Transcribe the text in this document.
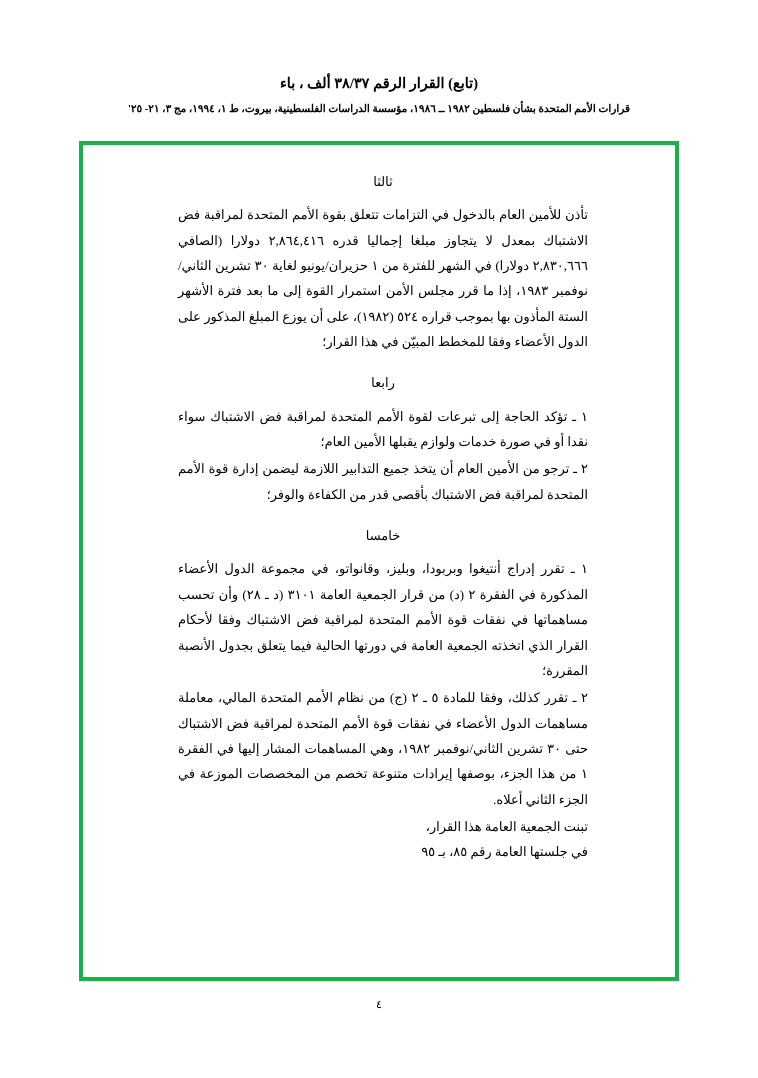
(تابع) القرار الرقم ٣٨/٣٧ ألف ، باء
قرارات الأمم المتحدة بشأن فلسطين ١٩٨٢ ــ ١٩٨٦، مؤسسة الدراسات الفلسطينية، بيروت، ط ١، ١٩٩٤، مج ٣، ٢١- ٢٥'
ثالثا

تأذن للأمين العام بالدخول في التزامات تتعلق بقوة الأمم المتحدة لمراقبة فض الاشتباك بمعدل لا يتجاوز مبلغا إجماليا قدره ٢,٨٦٤,٤١٦ دولارا (الصافي ٢,٨٣٠,٦٦٦ دولارا) في الشهر للفترة من ١ حزيران/يونيو لغاية ٣٠ تشرين الثاني/نوفمبر ١٩٨٣، إذا ما قرر مجلس الأمن استمرار القوة إلى ما بعد فترة الأشهر الستة المأذون بها بموجب قراره ٥٢٤ (١٩٨٢)، على أن يوزع المبلغ المذكور على الدول الأعضاء وفقا للمخطط المبيّن في هذا القرار؛

رابعا

١ ـ تؤكد الحاجة إلى تبرعات لقوة الأمم المتحدة لمراقبة فض الاشتباك سواء نقدا أو في صورة خدمات ولوازم يقبلها الأمين العام؛

٢ ـ ترجو من الأمين العام أن يتخذ جميع التدابير اللازمة ليضمن إدارة قوة الأمم المتحدة لمراقبة فض الاشتباك بأقصى قدر من الكفاءة والوفر؛

خامسا

١ ـ تقرر إدراج أنتيغوا وبربودا، وبليز، وقانواتو، في مجموعة الدول الأعضاء المذكورة في الفقرة ٢ (د) من قرار الجمعية العامة ٣١٠١ (د ـ ٢٨) وأن تحسب مساهماتها في نفقات قوة الأمم المتحدة لمراقبة فض الاشتباك وفقا لأحكام القرار الذي اتخذته الجمعية العامة في دورتها الحالية فيما يتعلق بجدول الأنصبة المقررة؛

٢ ـ تقرر كذلك، وفقا للمادة ٥ ـ ٢ (ج) من نظام الأمم المتحدة المالي، معاملة مساهمات الدول الأعضاء في نفقات قوة الأمم المتحدة لمراقبة فض الاشتباك حتى ٣٠ تشرين الثاني/نوفمبر ١٩٨٢، وهي المساهمات المشار إليها في الفقرة ١ من هذا الجزء، بوصفها إيرادات متنوعة تخصم من المخصصات الموزعة في الجزء الثاني أعلاه.

تبنت الجمعية العامة هذا القرار،

في جلستها العامة رقم ٨٥، بـ ٩٥

٤
